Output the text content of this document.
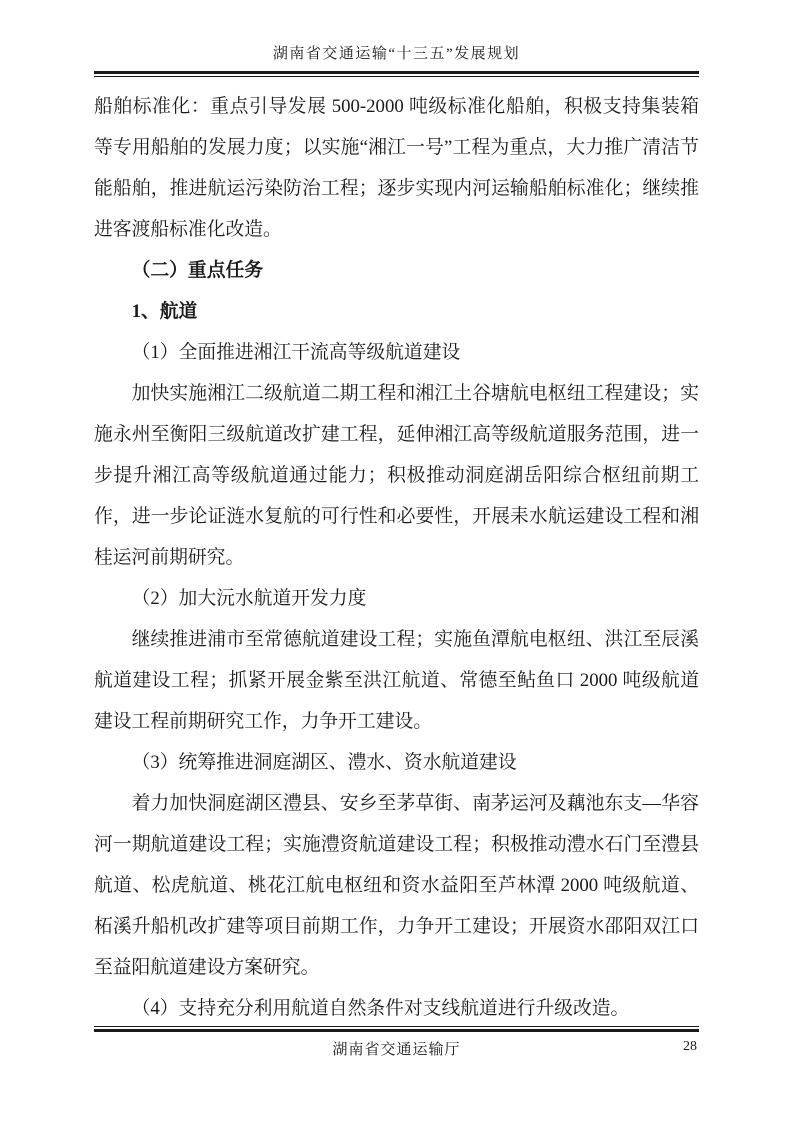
湖南省交通运输“十三五”发展规划

船舶标准化：重点引导发展 500-2000 吨级标准化船舶，积极支持集装箱等专用船舶的发展力度；以实施“湘江一号”工程为重点，大力推广清洁节能船舶，推进航运污染防治工程；逐步实现内河运输船舶标准化；继续推进客渡船标准化改造。

（二）重点任务

1、航道

（1）全面推进湘江干流高等级航道建设

加快实施湘江二级航道二期工程和湘江土谷塘航电枢纽工程建设；实施永州至衡阳三级航道改扩建工程，延伸湘江高等级航道服务范围，进一步提升湘江高等级航道通过能力；积极推动洞庭湖岳阳综合枢纽前期工作，进一步论证涟水复航的可行性和必要性，开展耒水航运建设工程和湘桂运河前期研究。

（2）加大沅水航道开发力度

继续推进浦市至常德航道建设工程；实施鱼潭航电枢纽、洪江至辰溪航道建设工程；抓紧开展金紫至洪江航道、常德至鲇鱼口 2000 吨级航道建设工程前期研究工作，力争开工建设。

（3）统筹推进洞庭湖区、澧水、资水航道建设

着力加快洞庭湖区澧县、安乡至茅草街、南茅运河及藕池东支—华容河一期航道建设工程；实施澧资航道建设工程；积极推动澧水石门至澧县航道、松虎航道、桃花江航电枢纽和资水益阳至芦林潭 2000 吨级航道、柘溪升船机改扩建等项目前期工作，力争开工建设；开展资水邵阳双江口至益阳航道建设方案研究。

（4）支持充分利用航道自然条件对支线航道进行升级改造。

湖南省交通运输厅	28
